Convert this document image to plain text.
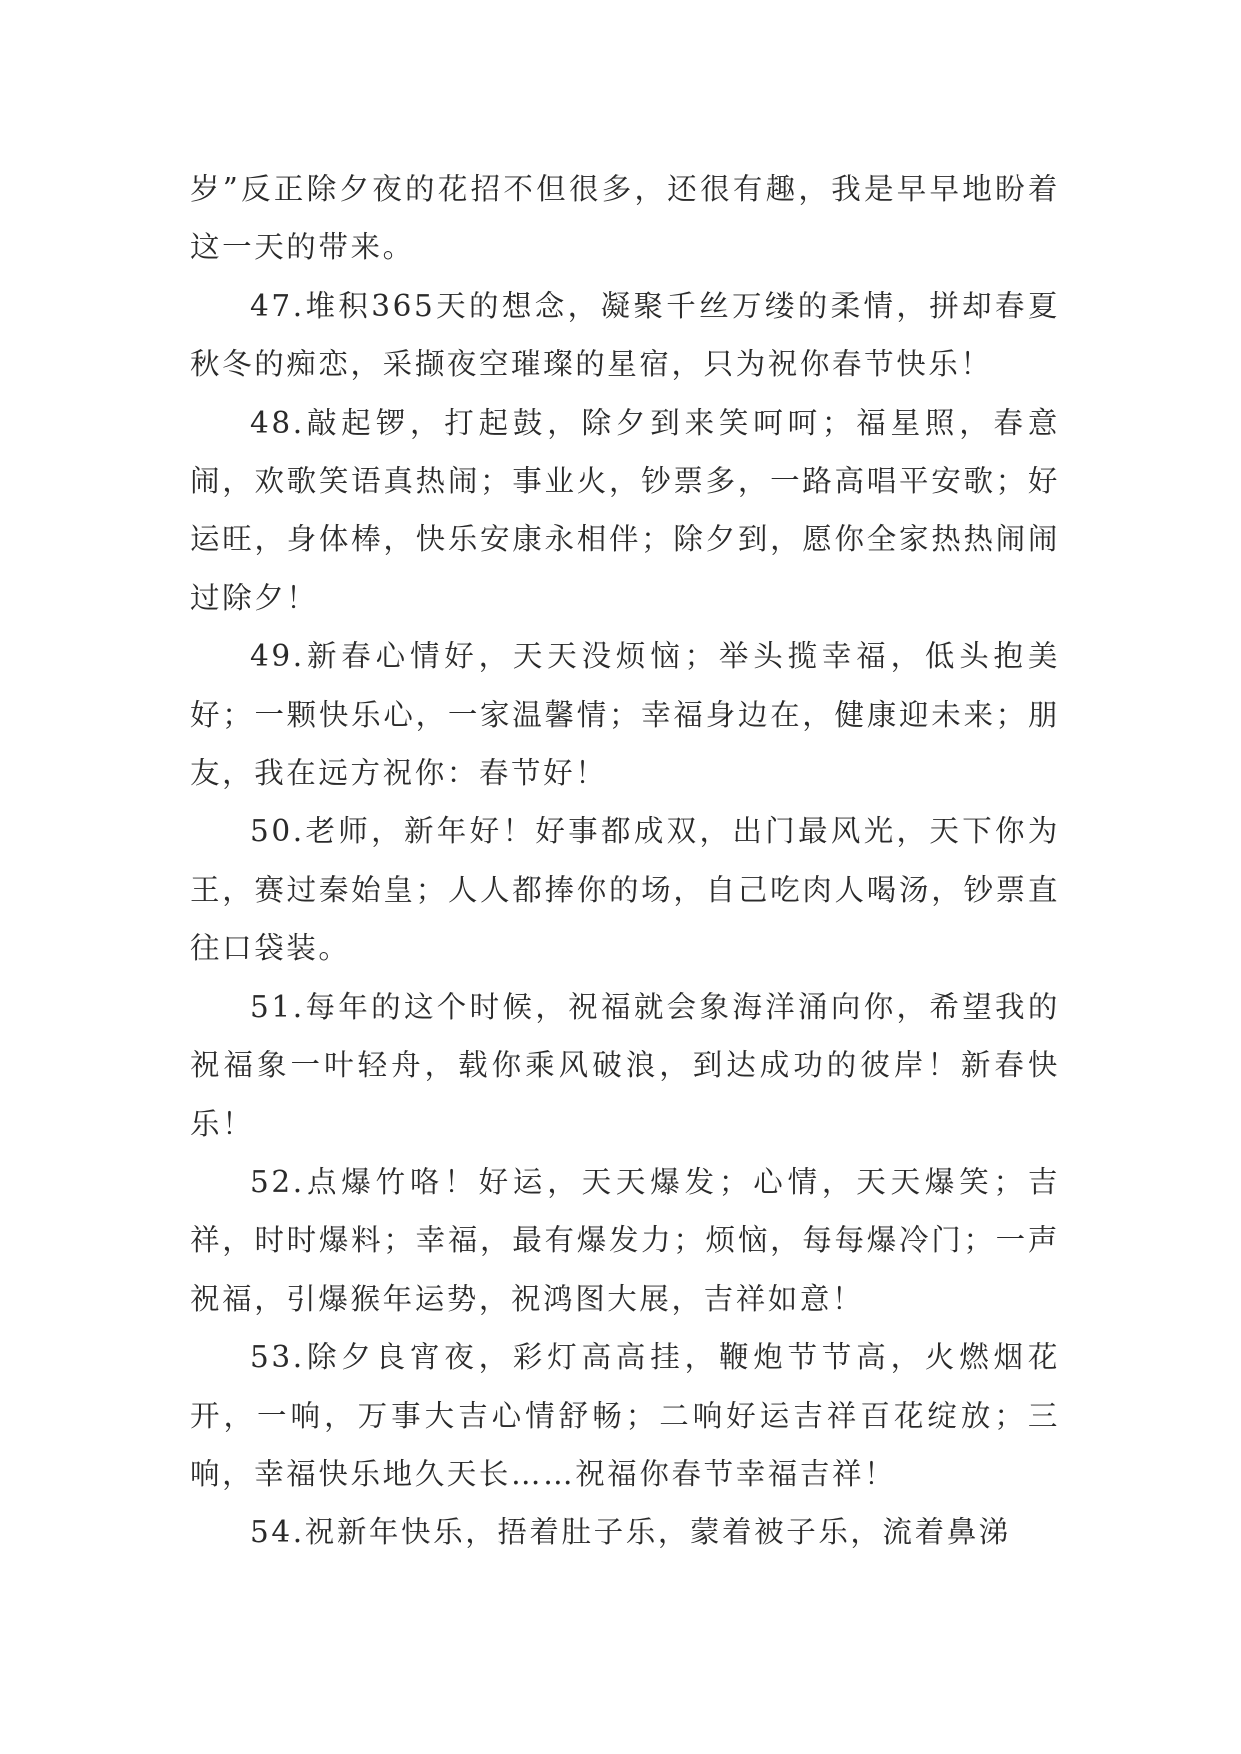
岁”反正除夕夜的花招不但很多，还很有趣，我是早早地盼着这一天的带来。

47.堆积365天的想念，凝聚千丝万缕的柔情，拼却春夏秋冬的痴恋，采撷夜空璀璨的星宿，只为祝你春节快乐！

48.敲起锣，打起鼓，除夕到来笑呵呵；福星照，春意闹，欢歌笑语真热闹；事业火，钞票多，一路高唱平安歌；好运旺，身体棒，快乐安康永相伴；除夕到，愿你全家热热闹闹过除夕！

49.新春心情好，天天没烦恼；举头揽幸福，低头抱美好；一颗快乐心，一家温馨情；幸福身边在，健康迎未来；朋友，我在远方祝你：春节好！

50.老师，新年好！好事都成双，出门最风光，天下你为王，赛过秦始皇；人人都捧你的场，自己吃肉人喝汤，钞票直往口袋装。

51.每年的这个时候，祝福就会象海洋涌向你，希望我的祝福象一叶轻舟，载你乘风破浪，到达成功的彼岸！新春快乐！

52.点爆竹咯！好运，天天爆发；心情，天天爆笑；吉祥，时时爆料；幸福，最有爆发力；烦恼，每每爆冷门；一声祝福，引爆猴年运势，祝鸿图大展，吉祥如意！

53.除夕良宵夜，彩灯高高挂，鞭炮节节高，火燃烟花开，一响，万事大吉心情舒畅；二响好运吉祥百花绽放；三响，幸福快乐地久天长……祝福你春节幸福吉祥！

54.祝新年快乐，捂着肚子乐，蒙着被子乐，流着鼻涕
